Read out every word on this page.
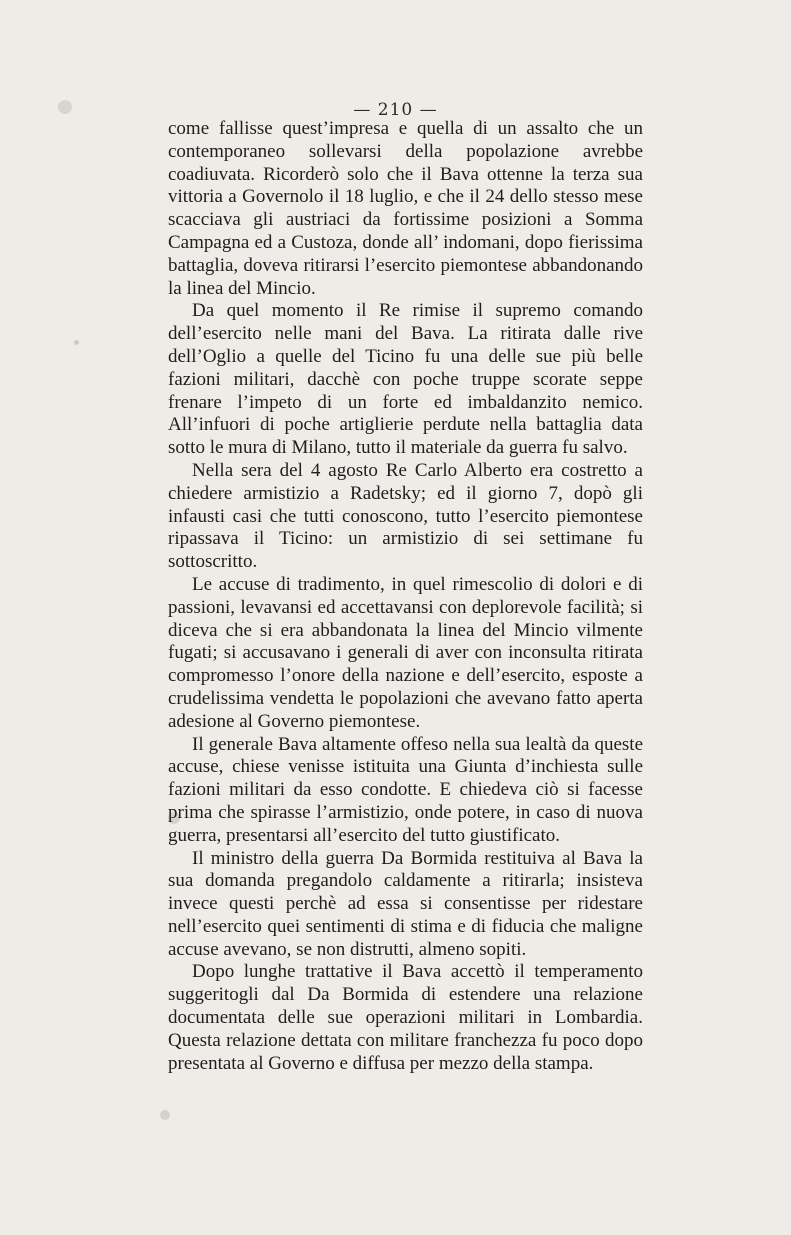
— 210 —

come fallisse quest’impresa e quella di un assalto che un contemporaneo sollevarsi della popolazione avrebbe coadiuvata. Ricorderò solo che il Bava ottenne la terza sua vittoria a Governolo il 18 luglio, e che il 24 dello stesso mese scacciava gli austriaci da fortissime posizioni a Somma Campagna ed a Custoza, donde all’ indomani, dopo fierissima battaglia, doveva ritirarsi l’esercito piemontese abbandonando la linea del Mincio.

Da quel momento il Re rimise il supremo comando dell’esercito nelle mani del Bava. La ritirata dalle rive dell’Oglio a quelle del Ticino fu una delle sue più belle fazioni militari, dacchè con poche truppe scorate seppe frenare l’impeto di un forte ed imbaldanzito nemico. All’infuori di poche artiglierie perdute nella battaglia data sotto le mura di Milano, tutto il materiale da guerra fu salvo.

Nella sera del 4 agosto Re Carlo Alberto era costretto a chiedere armistizio a Radetsky; ed il giorno 7, dopò gli infausti casi che tutti conoscono, tutto l’esercito piemontese ripassava il Ticino: un armistizio di sei settimane fu sottoscritto.

Le accuse di tradimento, in quel rimescolio di dolori e di passioni, levavansi ed accettavansi con deplorevole facilità; si diceva che si era abbandonata la linea del Mincio vilmente fugati; si accusavano i generali di aver con inconsulta ritirata compromesso l’onore della nazione e dell’esercito, esposte a crudelissima vendetta le popolazioni che avevano fatto aperta adesione al Governo piemontese.

Il generale Bava altamente offeso nella sua lealtà da queste accuse, chiese venisse istituita una Giunta d’inchiesta sulle fazioni militari da esso condotte. E chiedeva ciò si facesse prima che spirasse l’armistizio, onde potere, in caso di nuova guerra, presentarsi all’esercito del tutto giustificato.

Il ministro della guerra Da Bormida restituiva al Bava la sua domanda pregandolo caldamente a ritirarla; insisteva invece questi perchè ad essa si consentisse per ridestare nell’esercito quei sentimenti di stima e di fiducia che maligne accuse avevano, se non distrutti, almeno sopiti.

Dopo lunghe trattative il Bava accettò il temperamento suggeritogli dal Da Bormida di estendere una relazione documentata delle sue operazioni militari in Lombardia. Questa relazione dettata con militare franchezza fu poco dopo presentata al Governo e diffusa per mezzo della stampa.
